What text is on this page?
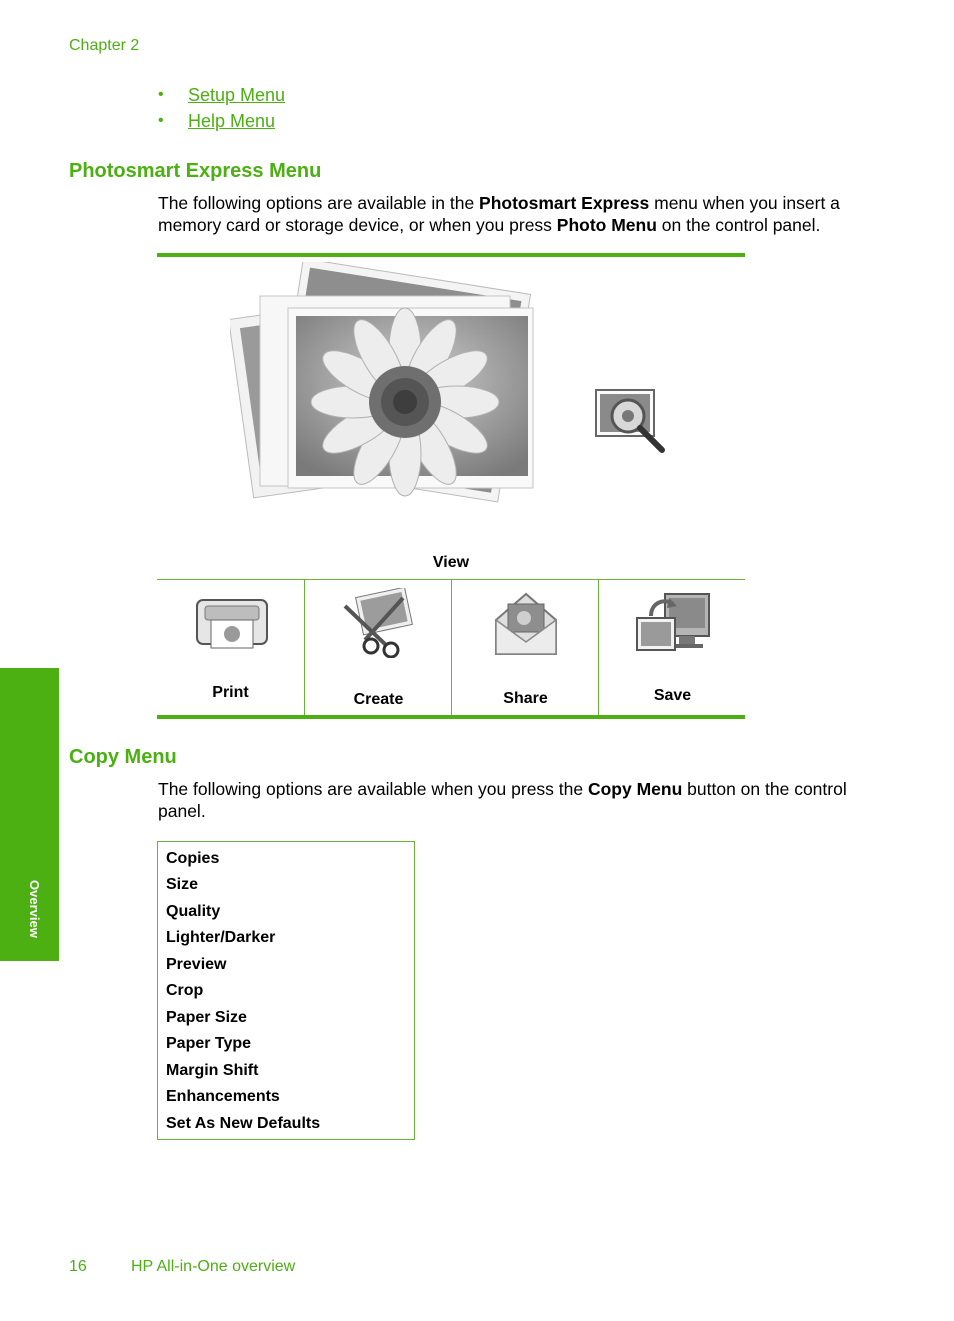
Chapter 2
•	Setup Menu
•	Help Menu
Photosmart Express Menu
The following options are available in the Photosmart Express menu when you insert a memory card or storage device, or when you press Photo Menu on the control panel.
View
Print	Create	Share	Save
Copy Menu
The following options are available when you press the Copy Menu button on the control panel.
Copies
Size
Quality
Lighter/Darker
Preview
Crop
Paper Size
Paper Type
Margin Shift
Enhancements
Set As New Defaults
Overview
16	HP All-in-One overview
